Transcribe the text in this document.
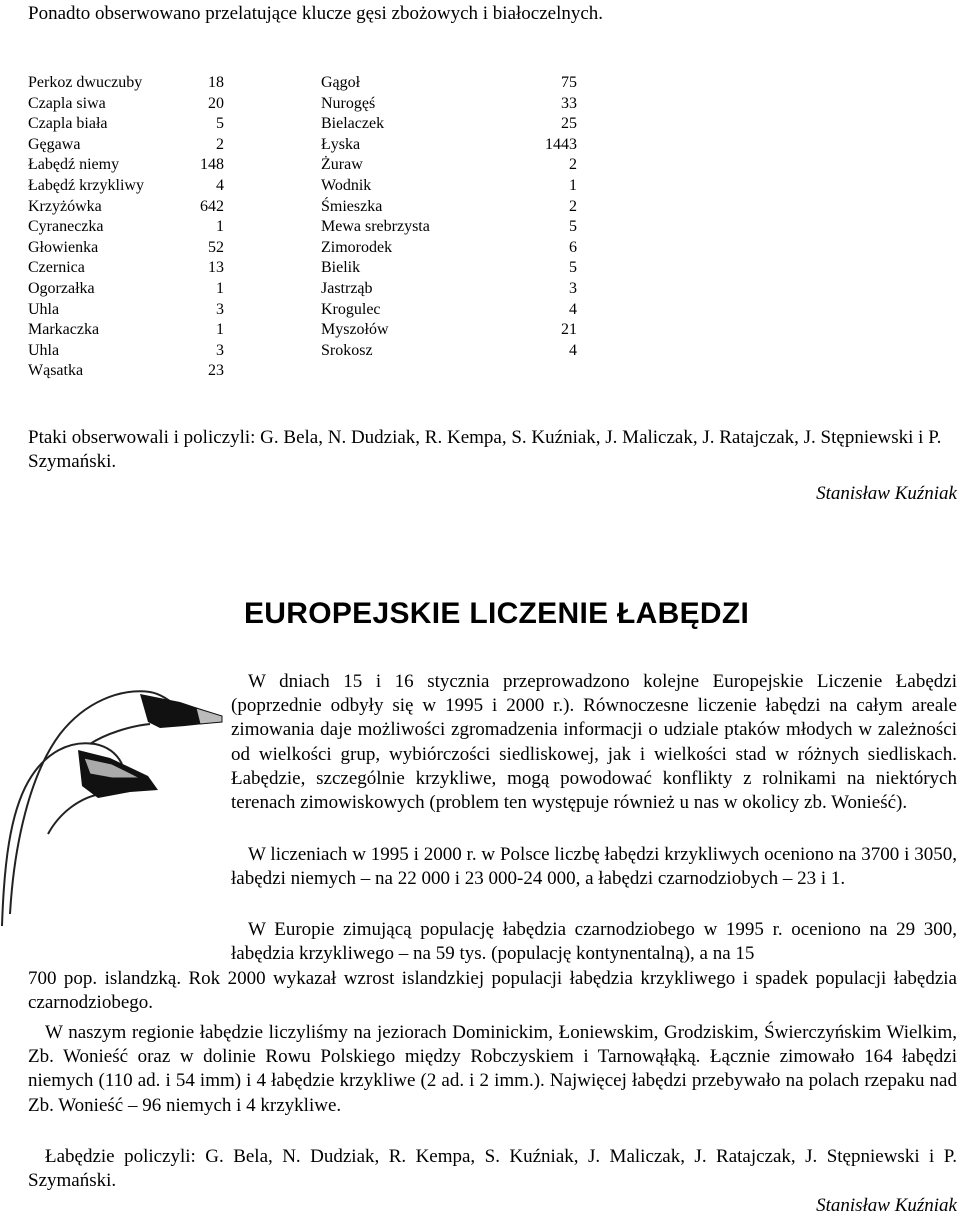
Ponadto obserwowano przelatujące klucze gęsi zbożowych i białoczelnych.
Perkoz dwuczuby	18
Czapla siwa	20
Czapla biała	5
Gęgawa	2
Łabędź niemy	148
Łabędź krzykliwy	4
Krzyżówka	642
Cyraneczka	1
Głowienka	52
Czernica	13
Ogorzałka	1
Uhla	3
Markaczka	1
Uhla	3
Wąsatka	23
Gągoł	75
Nurogęś	33
Bielaczek	25
Łyska	1443
Żuraw	2
Wodnik	1
Śmieszka	2
Mewa srebrzysta	5
Zimorodek	6
Bielik	5
Jastrząb	3
Krogulec	4
Myszołów	21
Srokosz	4
Ptaki obserwowali i policzyli: G. Bela, N. Dudziak, R. Kempa, S. Kuźniak, J. Maliczak, J. Ratajczak, J. Stępniewski i P. Szymański.
Stanisław Kuźniak
EUROPEJSKIE LICZENIE ŁABĘDZI

W dniach 15 i 16 stycznia przeprowadzono kolejne Europejskie Liczenie Łabędzi (poprzednie odbyły się w 1995 i 2000 r.). Równoczesne liczenie łabędzi na całym areale zimowania daje możliwości zgromadzenia informacji o udziale ptaków młodych w zależności od wielkości grup, wybiórczości siedliskowej, jak i wielkości stad w różnych siedliskach. Łabędzie, szczególnie krzykliwe, mogą powodować konflikty z rolnikami na niektórych terenach zimowiskowych (problem ten występuje również u nas w okolicy zb. Wonieść).

W liczeniach w 1995 i 2000 r. w Polsce liczbę łabędzi krzykliwych oceniono na 3700 i 3050, łabędzi niemych – na 22 000 i 23 000-24 000, a łabędzi czarnodziobych – 23 i 1.

W Europie zimującą populację łabędzia czarnodziobego w 1995 r. oceniono na 29 300, łabędzia krzykliwego – na 59 tys. (populację kontynentalną), a na 15

700 pop. islandzką. Rok 2000 wykazał wzrost islandzkiej populacji łabędzia krzykliwego i spadek populacji łabędzia czarnodziobego.

W naszym regionie łabędzie liczyliśmy na jeziorach Dominickim, Łoniewskim, Grodziskim, Świerczyńskim Wielkim, Zb. Wonieść oraz w dolinie Rowu Polskiego między Robczyskiem i Tarnowąłąką. Łącznie zimowało 164 łabędzi niemych (110 ad. i 54 imm) i 4 łabędzie krzykliwe (2 ad. i 2 imm.). Najwięcej łabędzi przebywało na polach rzepaku nad Zb. Wonieść – 96 niemych i 4 krzykliwe.

Łabędzie policzyli: G. Bela, N. Dudziak, R. Kempa, S. Kuźniak, J. Maliczak, J. Ratajczak, J. Stępniewski i P. Szymański.

Stanisław Kuźniak
